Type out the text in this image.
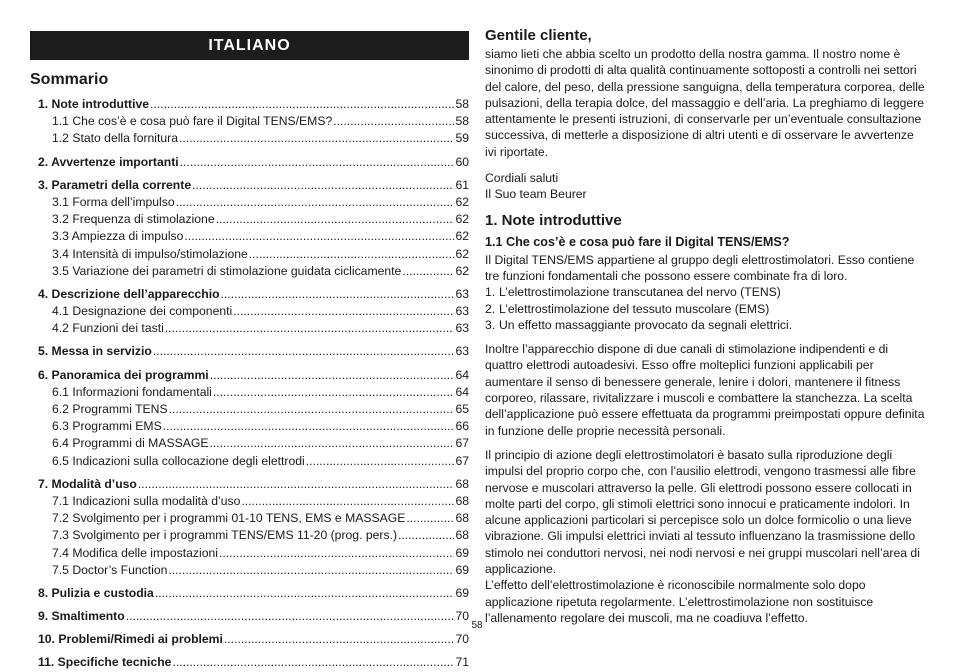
ITALIANO
Sommario
1. Note introduttive .....	58
1.1 Che cos’è e cosa può fare il Digital TENS/EMS? .....	58
1.2 Stato della fornitura .....	59
2. Avvertenze importanti .....	60
3. Parametri della corrente .....	61
3.1 Forma dell’impulso .....	62
3.2 Frequenza di stimolazione .....	62
3.3 Ampiezza di impulso .....	62
3.4 Intensità di impulso/stimolazione .....	62
3.5 Variazione dei parametri di stimolazione guidata ciclicamente .....	62
4. Descrizione dell’apparecchio .....	63
4.1 Designazione dei componenti .....	63
4.2 Funzioni dei tasti .....	63
5. Messa in servizio .....	63
6. Panoramica dei programmi .....	64
6.1 Informazioni fondamentali .....	64
6.2 Programmi TENS .....	65
6.3 Programmi EMS .....	66
6.4 Programmi di MASSAGE .....	67
6.5 Indicazioni sulla collocazione degli elettrodi .....	67
7. Modalità d’uso .....	68
7.1 Indicazioni sulla modalità d’uso .....	68
7.2 Svolgimento per i programmi 01-10 TENS, EMS e MASSAGE .....	68
7.3 Svolgimento per i programmi TENS/EMS 11-20 (prog. pers.) .....	68
7.4 Modifica delle impostazioni .....	69
7.5 Doctor’s Function .....	69
8. Pulizia e custodia .....	69
9. Smaltimento .....	70
10. Problemi/Rimedi ai problemi .....	70
11. Specifiche tecniche .....	71
Gentile cliente,

siamo lieti che abbia scelto un prodotto della nostra gamma. Il nostro nome è sinonimo di prodotti di alta qualità continuamente sottoposti a controlli nei settori del calore, del peso, della pressione sanguigna, della temperatura corporea, delle pulsazioni, della terapia dolce, del massaggio e dell’aria. La preghiamo di leggere attentamente le presenti istruzioni, di conservarle per un’eventuale consultazione successiva, di metterle a disposizione di altri utenti e di osservare le avvertenze ivi riportate.

Cordiali saluti

Il Suo team Beurer

1. Note introduttive
1.1 Che cos’è e cosa può fare il Digital TENS/EMS?

Il Digital TENS/EMS appartiene al gruppo degli elettrostimolatori. Esso contiene tre funzioni fondamentali che possono essere combinate fra di loro.

1. L’elettrostimolazione transcutanea del nervo (TENS)
2. L’elettrostimolazione del tessuto muscolare (EMS)
3. Un effetto massaggiante provocato da segnali elettrici.

Inoltre l’apparecchio dispone di due canali di stimolazione indipendenti e di quattro elettrodi autoadesivi. Esso offre molteplici funzioni applicabili per aumentare il senso di benessere generale, lenire i dolori, mantenere il fitness corporeo, rilassare, rivitalizzare i muscoli e combattere la stanchezza. La scelta dell’applicazione può essere effettuata da programmi preimpostati oppure definita in funzione delle proprie necessità personali.

Il principio di azione degli elettrostimolatori è basato sulla riproduzione degli impulsi del proprio corpo che, con l’ausilio elettrodi, vengono trasmessi alle fibre nervose e muscolari attraverso la pelle. Gli elettrodi possono essere collocati in molte parti del corpo, gli stimoli elettrici sono innocui e praticamente indolori. In alcune applicazioni particolari si percepisce solo un dolce formicolio o una lieve vibrazione. Gli impulsi elettrici inviati al tessuto influenzano la trasmissione dello stimolo nei conduttori nervosi, nei nodi nervosi e nei gruppi muscolari nell’area di applicazione.

L’effetto dell’elettrostimolazione è riconoscibile normalmente solo dopo applicazione ripetuta regolarmente. L’elettrostimolazione non sostituisce l’allenamento regolare dei muscoli, ma ne coadiuva l’effetto.

58
